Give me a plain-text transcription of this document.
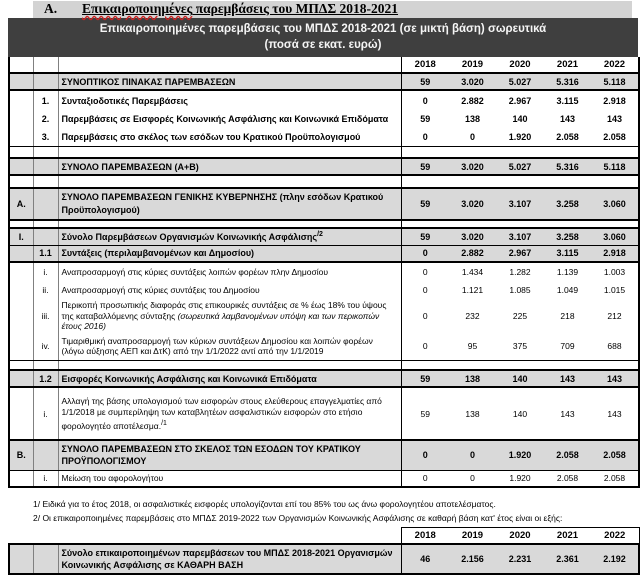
Α. Επικαιροποιημένες παρεμβάσεις του ΜΠΔΣ 2018-2021
Επικαιροποιημένες παρεμβάσεις του ΜΠΔΣ 2018-2021 (σε μικτή βάση) σωρευτικά
(ποσά σε εκατ. ευρώ)
			2018	2019	2020	2021	2022
		ΣΥΝΟΠΤΙΚΟΣ ΠΙΝΑΚΑΣ ΠΑΡΕΜΒΑΣΕΩΝ	59	3.020	5.027	5.316	5.118
	1.	Συνταξιοδοτικές Παρεμβάσεις	0	2.882	2.967	3.115	2.918
	2.	Παρεμβάσεις σε Εισφορές Κοινωνικής Ασφάλισης και Κοινωνικά Επιδόματα	59	138	140	143	143
	3.	Παρεμβάσεις στο σκέλος των εσόδων του Κρατικού Προϋπολογισμού	0	0	1.920	2.058	2.058

		ΣΥΝΟΛΟ ΠΑΡΕΜΒΑΣΕΩΝ (Α+Β)	59	3.020	5.027	5.316	5.118

Α.		ΣΥΝΟΛΟ ΠΑΡΕΜΒΑΣΕΩΝ ΓΕΝΙΚΗΣ ΚΥΒΕΡΝΗΣΗΣ (πλην εσόδων Κρατικού Προϋπολογισμού)	59	3.020	3.107	3.258	3.060

Ι.		Σύνολο Παρεμβάσεων Οργανισμών Κοινωνικής Ασφάλισης$^{/2}$	59	3.020	3.107	3.258	3.060
	1.1	Συντάξεις (περιλαμβανομένων και Δημοσίου)	0	2.882	2.967	3.115	2.918
	i.	Αναπροσαρμογή στις κύριες συντάξεις λοιπών φορέων πλην Δημοσίου	0	1.434	1.282	1.139	1.003
	ii.	Αναπροσαρμογή στις κύριες συντάξεις του Δημοσίου	0	1.121	1.085	1.049	1.015
	iii.	Περικοπή προσωπικής διαφοράς στις επικουρικές συντάξεις σε % έως 18% του ύψους της καταβαλλόμενης σύνταξης (σωρευτικά λαμβανομένων υπόψη και των περικοπών έτους 2016)	0	232	225	218	212
	iv.	Τιμαριθμική αναπροσαρμογή των κύριων συντάξεων Δημοσίου και λοιπών φορέων (λόγω αύξησης ΑΕΠ και ΔτΚ) από την 1/1/2022 αντί από την 1/1/2019	0	95	375	709	688

	1.2	Εισφορές Κοινωνικής Ασφάλισης και Κοινωνικά Επιδόματα	59	138	140	143	143
	i.	Αλλαγή της βάσης υπολογισμού των εισφορών στους ελεύθερους επαγγελματίες από 1/1/2018 με συμπερίληψη των καταβλητέων ασφαλιστικών εισφορών στο ετήσιο φορολογητέο αποτέλεσμα.$^{/1}$	59	138	140	143	143
Β.		ΣΥΝΟΛΟ ΠΑΡΕΜΒΑΣΕΩΝ ΣΤΟ ΣΚΕΛΟΣ ΤΩΝ ΕΣΟΔΩΝ ΤΟΥ ΚΡΑΤΙΚΟΥ ΠΡΟΫΠΟΛΟΓΙΣΜΟΥ	0	0	1.920	2.058	2.058
	i.	Μείωση του αφορολογήτου	0	0	1.920	2.058	2.058
1/ Ειδικά για το έτος 2018, οι ασφαλιστικές εισφορές υπολογίζονται επί του 85% του ως άνω φορολογητέου αποτελέσματος.
2/ Οι επικαιροποιημένες παρεμβάσεις στο ΜΠΔΣ 2019-2022 των Οργανισμών Κοινωνικής Ασφάλισης σε καθαρή βάση κατ' έτος είναι οι εξής:
			2018	2019	2020	2021	2022
		Σύνολο επικαιροποιημένων παρεμβάσεων του ΜΠΔΣ 2018-2021 Οργανισμών Κοινωνικής Ασφάλισης σε ΚΑΘΑΡΗ ΒΑΣΗ	46	2.156	2.231	2.361	2.192
